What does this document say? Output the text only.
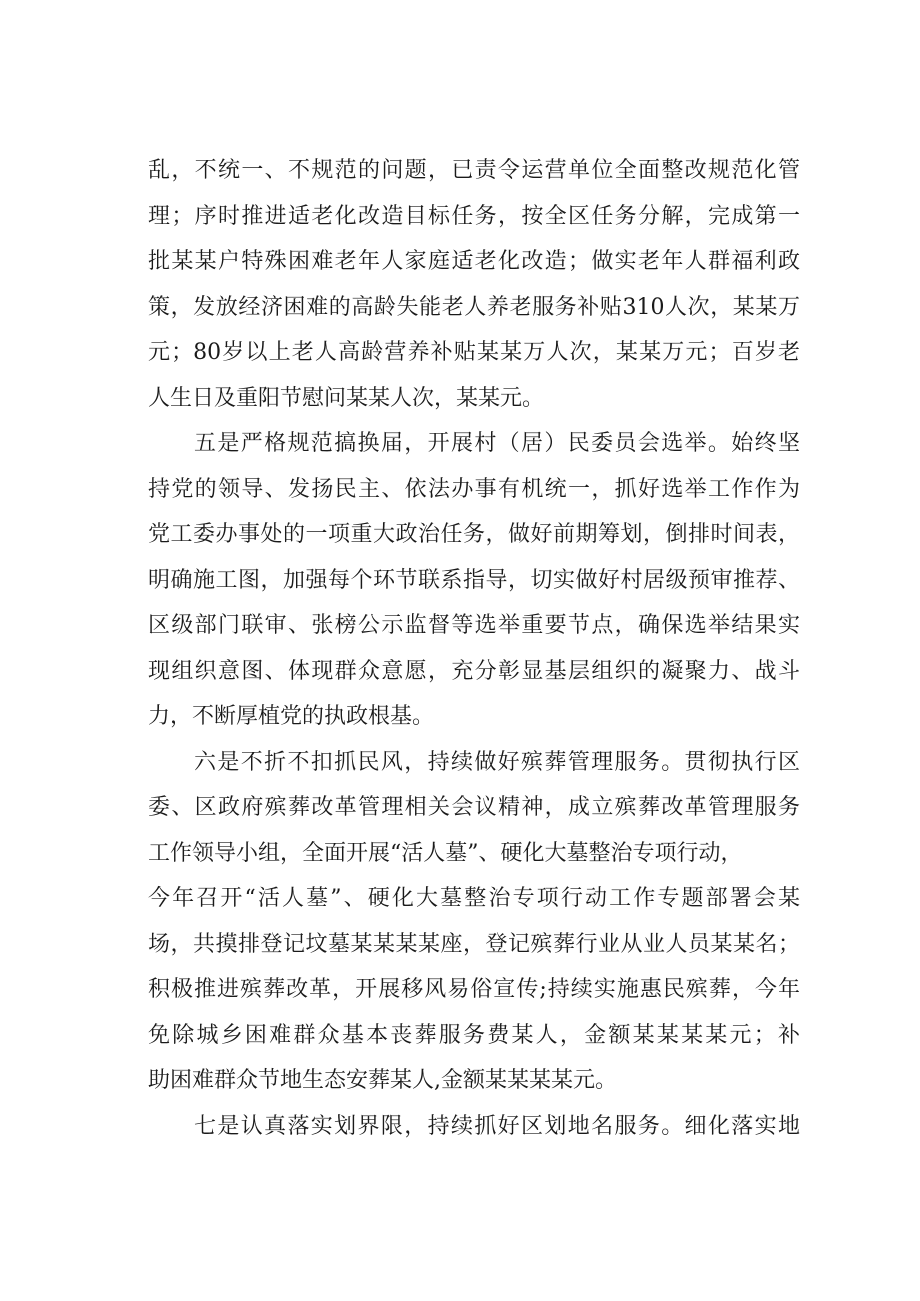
乱，不统一、不规范的问题，已责令运营单位全面整改规范化管
理；序时推进适老化改造目标任务，按全区任务分解，完成第一
批某某户特殊困难老年人家庭适老化改造；做实老年人群福利政
策，发放经济困难的高龄失能老人养老服务补贴310人次，某某万
元；80岁以上老人高龄营养补贴某某万人次，某某万元；百岁老
人生日及重阳节慰问某某人次，某某元。
五是严格规范搞换届，开展村（居）民委员会选举。始终坚
持党的领导、发扬民主、依法办事有机统一，抓好选举工作作为
党工委办事处的一项重大政治任务，做好前期筹划，倒排时间表，
明确施工图，加强每个环节联系指导，切实做好村居级预审推荐、
区级部门联审、张榜公示监督等选举重要节点，确保选举结果实
现组织意图、体现群众意愿，充分彰显基层组织的凝聚力、战斗
力，不断厚植党的执政根基。
六是不折不扣抓民风，持续做好殡葬管理服务。贯彻执行区
委、区政府殡葬改革管理相关会议精神，成立殡葬改革管理服务
工作领导小组，全面开展“活人墓”、硬化大墓整治专项行动，
今年召开“活人墓”、硬化大墓整治专项行动工作专题部署会某
场，共摸排登记坟墓某某某某座，登记殡葬行业从业人员某某名；
积极推进殡葬改革，开展移风易俗宣传;持续实施惠民殡葬，今年
免除城乡困难群众基本丧葬服务费某人，金额某某某某元；补
助困难群众节地生态安葬某人,金额某某某某元。
七是认真落实划界限，持续抓好区划地名服务。细化落实地
